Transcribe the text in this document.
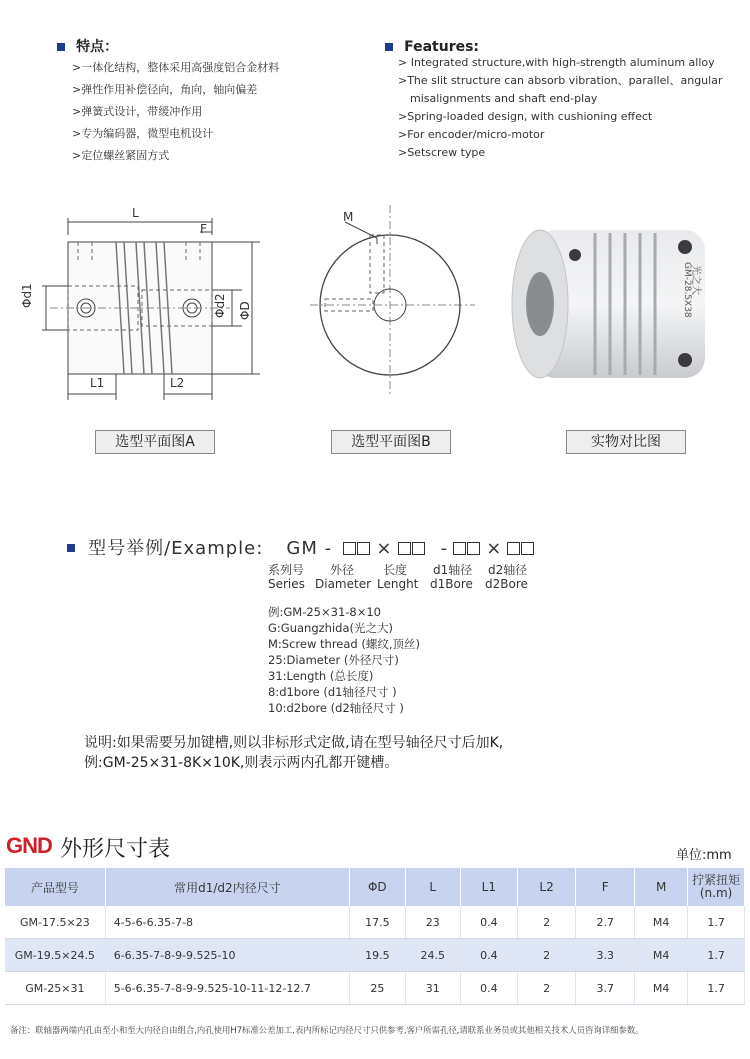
特点：
>一体化结构，整体采用高强度铝合金材料
>弹性作用补偿径向，角向，轴向偏差
>弹簧式设计，带缓冲作用
>专为编码器，微型电机设计
>定位螺丝紧固方式
Features:
> Integrated structure,with high-strength aluminum alloy
>The slit structure can absorb vibration、parallel、angular
misalignments and shaft end-play
>Spring-loaded design, with cushioning effect
>For encoder/micro-motor
>Setscrew type
L
F
Φd1	Φd2 ΦD
L1	L2
M
光之大
GM-28.5X38
选型平面图A	选型平面图B	实物对比图
型号举例/Example: GM - ×	- ×
系列号 外径 长度 d1轴径 d2轴径
Series Diameter Lenght d1Bore d2Bore
例:GM-25×31-8×10
G:Guangzhida(光之大)
M:Screw thread (螺纹,顶丝)
25:Diameter (外径尺寸)
31:Length (总长度)
8:d1bore (d1轴径尺寸 )
10:d2bore (d2轴径尺寸 )
说明:如果需要另加键槽,则以非标形式定做,请在型号轴径尺寸后加K,
例:GM-25×31-8K×10K,则表示两内孔都开键槽。
GND 外形尺寸表	单位:mm
产品型号	常用d1/d2内径尺寸	ΦD	L	L1	L2	F	M	拧紧扭矩
(n.m)
GM-17.5×23	4-5-6-6.35-7-8	17.5	23	0.4	2	2.7	M4	1.7
GM-19.5×24.5	6-6.35-7-8-9-9.525-10	19.5	24.5	0.4	2	3.3	M4	1.7
GM-25×31	5-6-6.35-7-8-9-9.525-10-11-12-12.7	25	31	0.4	2	3.7	M4	1.7
备注：联轴器两端内孔由至小和至大内径自由组合,内孔使用H7标准公差加工,表内所标记内径尺寸只供参考,客户所需孔径,请联系业务员或其他相关技术人员咨询详细参数。
